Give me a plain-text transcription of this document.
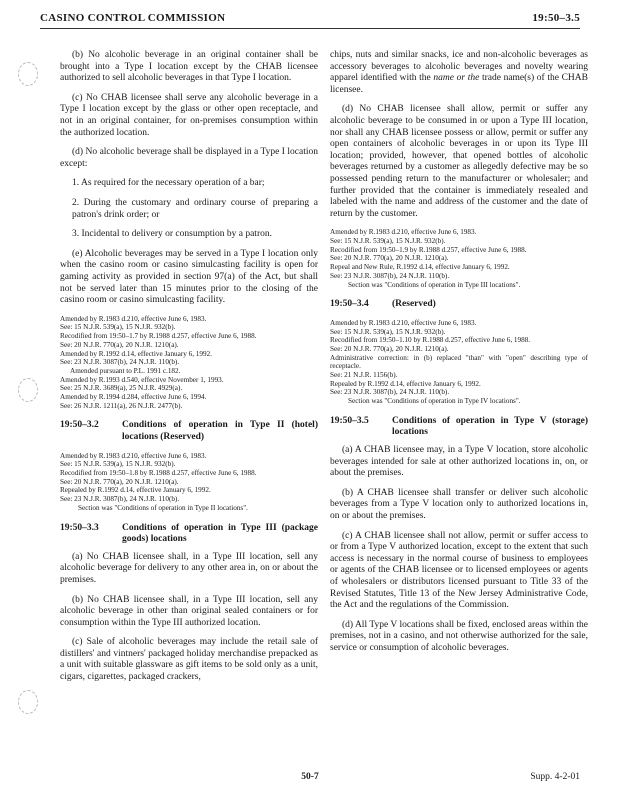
CASINO CONTROL COMMISSION	19:50–3.5

(b) No alcoholic beverage in an original container shall be brought into a Type I location except by the CHAB licensee authorized to sell alcoholic beverages in that Type I location.

(c) No CHAB licensee shall serve any alcoholic beverage in a Type I location except by the glass or other open receptacle, and not in an original container, for on-premises consumption within the authorized location.

(d) No alcoholic beverage shall be displayed in a Type I location except:

1. As required for the necessary operation of a bar;
2. During the customary and ordinary course of preparing a patron's drink order; or
3. Incidental to delivery or consumption by a patron.

(e) Alcoholic beverages may be served in a Type I location only when the casino room or casino simulcasting facility is open for gaming activity as provided in section 97(a) of the Act, but shall not be served later than 15 minutes prior to the closing of the casino room or casino simulcasting facility.

Amended by R.1983 d.210, effective June 6, 1983.
See: 15 N.J.R. 539(a), 15 N.J.R. 932(b).
Recodified from 19:50–1.7 by R.1988 d.257, effective June 6, 1988.
See: 20 N.J.R. 770(a), 20 N.J.R. 1210(a).
Amended by R.1992 d.14, effective January 6, 1992.
See: 23 N.J.R. 3087(b), 24 N.J.R. 110(b).
Amended pursuant to P.L. 1991 c.182.
Amended by R.1993 d.540, effective November 1, 1993.
See: 25 N.J.R. 3689(a), 25 N.J.R. 4929(a).
Amended by R.1994 d.284, effective June 6, 1994.
See: 26 N.J.R. 1211(a), 26 N.J.R. 2477(b).
19:50–3.2	Conditions of operation in Type II (hotel) locations (Reserved)
Amended by R.1983 d.210, effective June 6, 1983.
See: 15 N.J.R. 539(a), 15 N.J.R. 932(b).
Recodified from 19:50–1.8 by R.1988 d.257, effective June 6, 1988.
See: 20 N.J.R. 770(a), 20 N.J.R. 1210(a).
Repealed by R.1992 d.14, effective January 6, 1992.
See: 23 N.J.R. 3087(b), 24 N.J.R. 110(b).
Section was "Conditions of operation in Type II locations".
19:50–3.3	Conditions of operation in Type III (package goods) locations

(a) No CHAB licensee shall, in a Type III location, sell any alcoholic beverage for delivery to any other area in, on or about the premises.

(b) No CHAB licensee shall, in a Type III location, sell any alcoholic beverage in other than original sealed containers or for consumption within the Type III authorized location.

(c) Sale of alcoholic beverages may include the retail sale of distillers' and vintners' packaged holiday merchandise prepacked as a unit with suitable glassware as gift items to be sold only as a unit, cigars, cigarettes, packaged crackers,

chips, nuts and similar snacks, ice and non-alcoholic beverages as accessory beverages to alcoholic beverages and novelty wearing apparel identified with the name or the trade name(s) of the CHAB licensee.

(d) No CHAB licensee shall allow, permit or suffer any alcoholic beverage to be consumed in or upon a Type III location, nor shall any CHAB licensee possess or allow, permit or suffer any open containers of alcoholic beverages in or upon its Type III location; provided, however, that opened bottles of alcoholic beverages returned by a customer as allegedly defective may be so possessed pending return to the manufacturer or wholesaler; and further provided that the container is immediately resealed and labeled with the name and address of the customer and the date of return by the customer.

Amended by R.1983 d.210, effective June 6, 1983.
See: 15 N.J.R. 539(a), 15 N.J.R. 932(b).
Recodified from 19:50–1.9 by R.1988 d.257, effective June 6, 1988.
See: 20 N.J.R. 770(a), 20 N.J.R. 1210(a).
Repeal and New Rule, R.1992 d.14, effective January 6, 1992.
See: 23 N.J.R. 3087(b), 24 N.J.R. 110(b).
Section was "Conditions of operation in Type III locations".
19:50–3.4	(Reserved)
Amended by R.1983 d.210, effective June 6, 1983.
See: 15 N.J.R. 539(a), 15 N.J.R. 932(b).
Recodified from 19:50–1.10 by R.1988 d.257, effective June 6, 1988.
See: 20 N.J.R. 770(a), 20 N.J.R. 1210(a).
Administrative correction: in (b) replaced "than" with "open" describing type of receptacle.
See: 21 N.J.R. 1156(b).
Repealed by R.1992 d.14, effective January 6, 1992.
See: 23 N.J.R. 3087(b), 24 N.J.R. 110(b).
Section was "Conditions of operation in Type IV locations".
19:50–3.5	Conditions of operation in Type V (storage) locations

(a) A CHAB licensee may, in a Type V location, store alcoholic beverages intended for sale at other authorized locations in, on, or about the premises.

(b) A CHAB licensee shall transfer or deliver such alcoholic beverages from a Type V location only to authorized locations in, on or about the premises.

(c) A CHAB licensee shall not allow, permit or suffer access to or from a Type V authorized location, except to the extent that such access is necessary in the normal course of business to employees or agents of the CHAB licensee or to licensed employees or agents of wholesalers or distributors licensed pursuant to Title 33 of the Revised Statutes, Title 13 of the New Jersey Administrative Code, the Act and the regulations of the Commission.

(d) All Type V locations shall be fixed, enclosed areas within the premises, not in a casino, and not otherwise authorized for the sale, service or consumption of alcoholic beverages.

50-7	Supp. 4-2-01
